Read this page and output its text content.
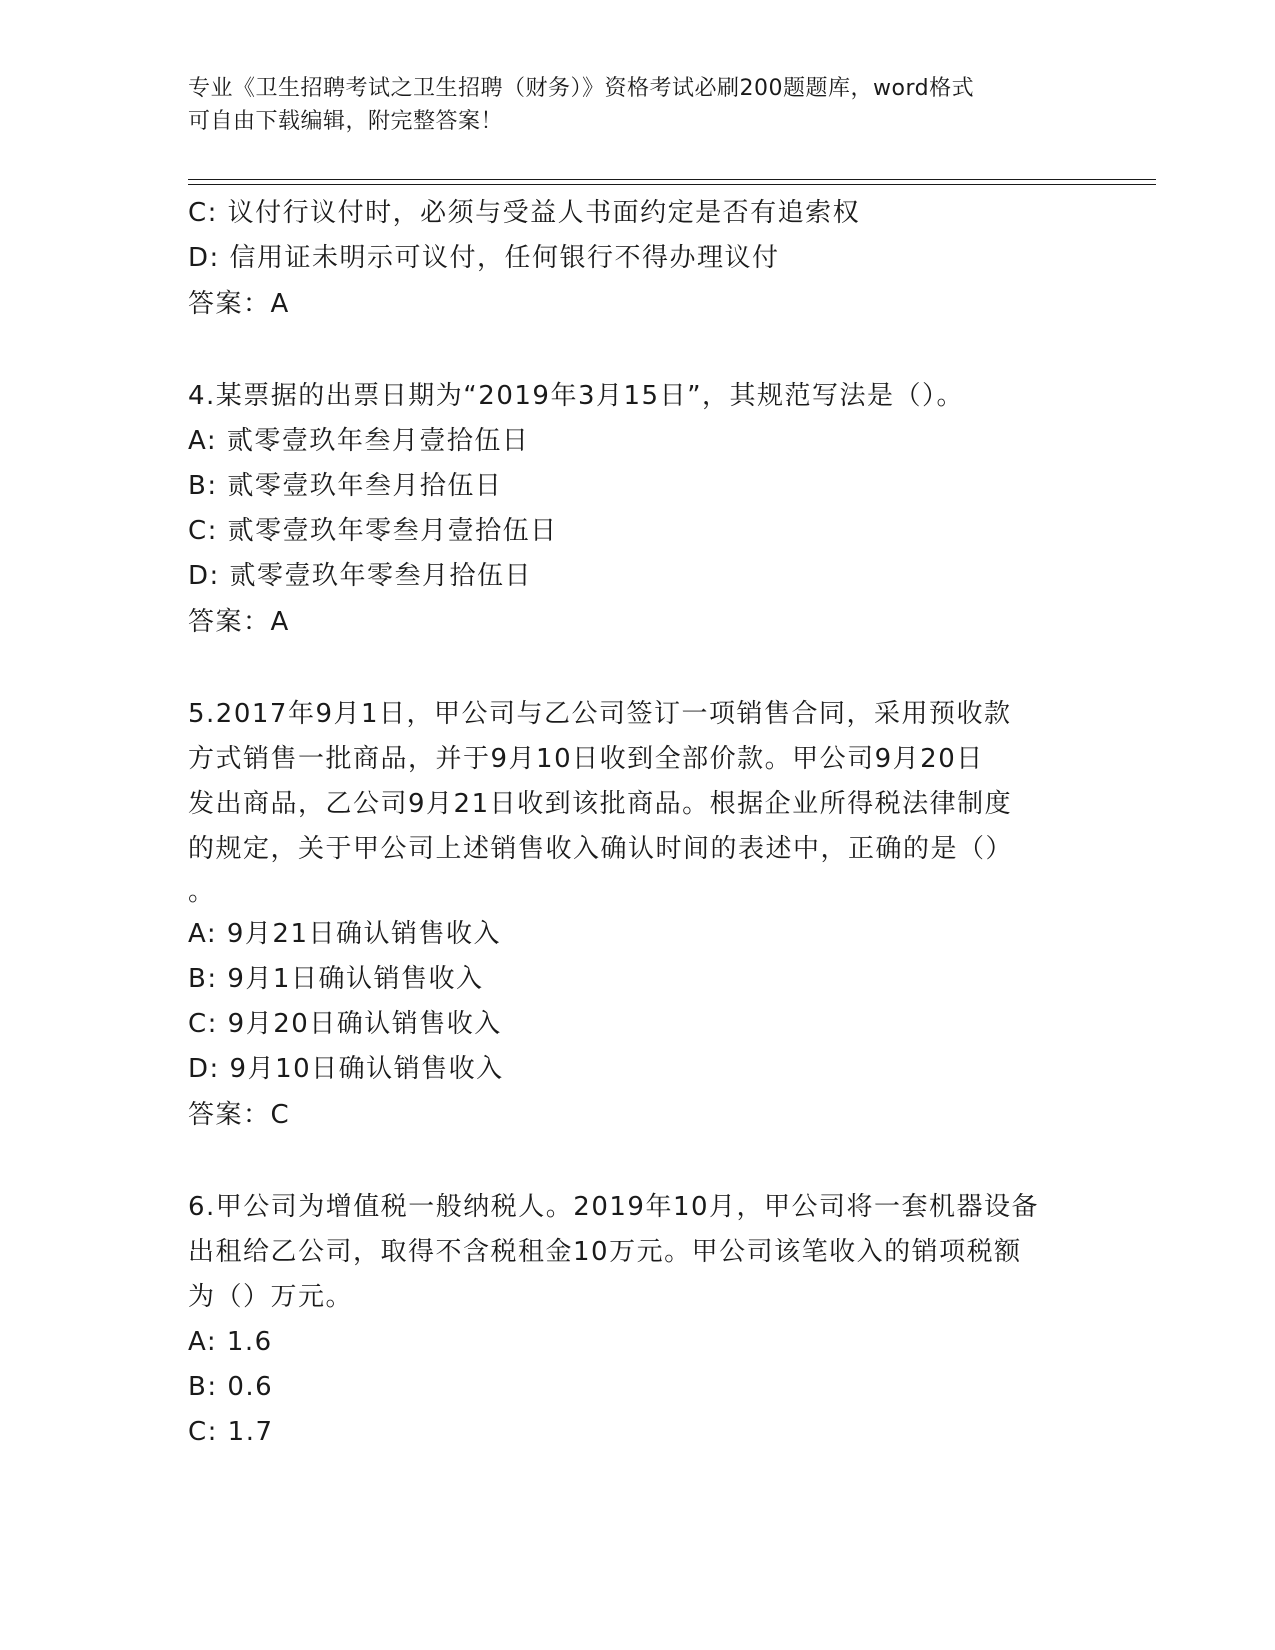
专业《卫生招聘考试之卫生招聘（财务）》资格考试必刷200题题库，word格式
可自由下载编辑，附完整答案！
C: 议付行议付时，必须与受益人书面约定是否有追索权
D: 信用证未明示可议付，任何银行不得办理议付
答案：A
4.某票据的出票日期为“2019年3月15日”，其规范写法是（）。
A: 贰零壹玖年叁月壹拾伍日
B: 贰零壹玖年叁月拾伍日
C: 贰零壹玖年零叁月壹拾伍日
D: 贰零壹玖年零叁月拾伍日
答案：A
5.2017年9月1日，甲公司与乙公司签订一项销售合同，采用预收款
方式销售一批商品，并于9月10日收到全部价款。甲公司9月20日
发出商品，乙公司9月21日收到该批商品。根据企业所得税法律制度
的规定，关于甲公司上述销售收入确认时间的表述中，正确的是（）
。
A: 9月21日确认销售收入
B: 9月1日确认销售收入
C: 9月20日确认销售收入
D: 9月10日确认销售收入
答案：C
6.甲公司为增值税一般纳税人。2019年10月，甲公司将一套机器设备
出租给乙公司，取得不含税租金10万元。甲公司该笔收入的销项税额
为（）万元。
A: 1.6
B: 0.6
C: 1.7
